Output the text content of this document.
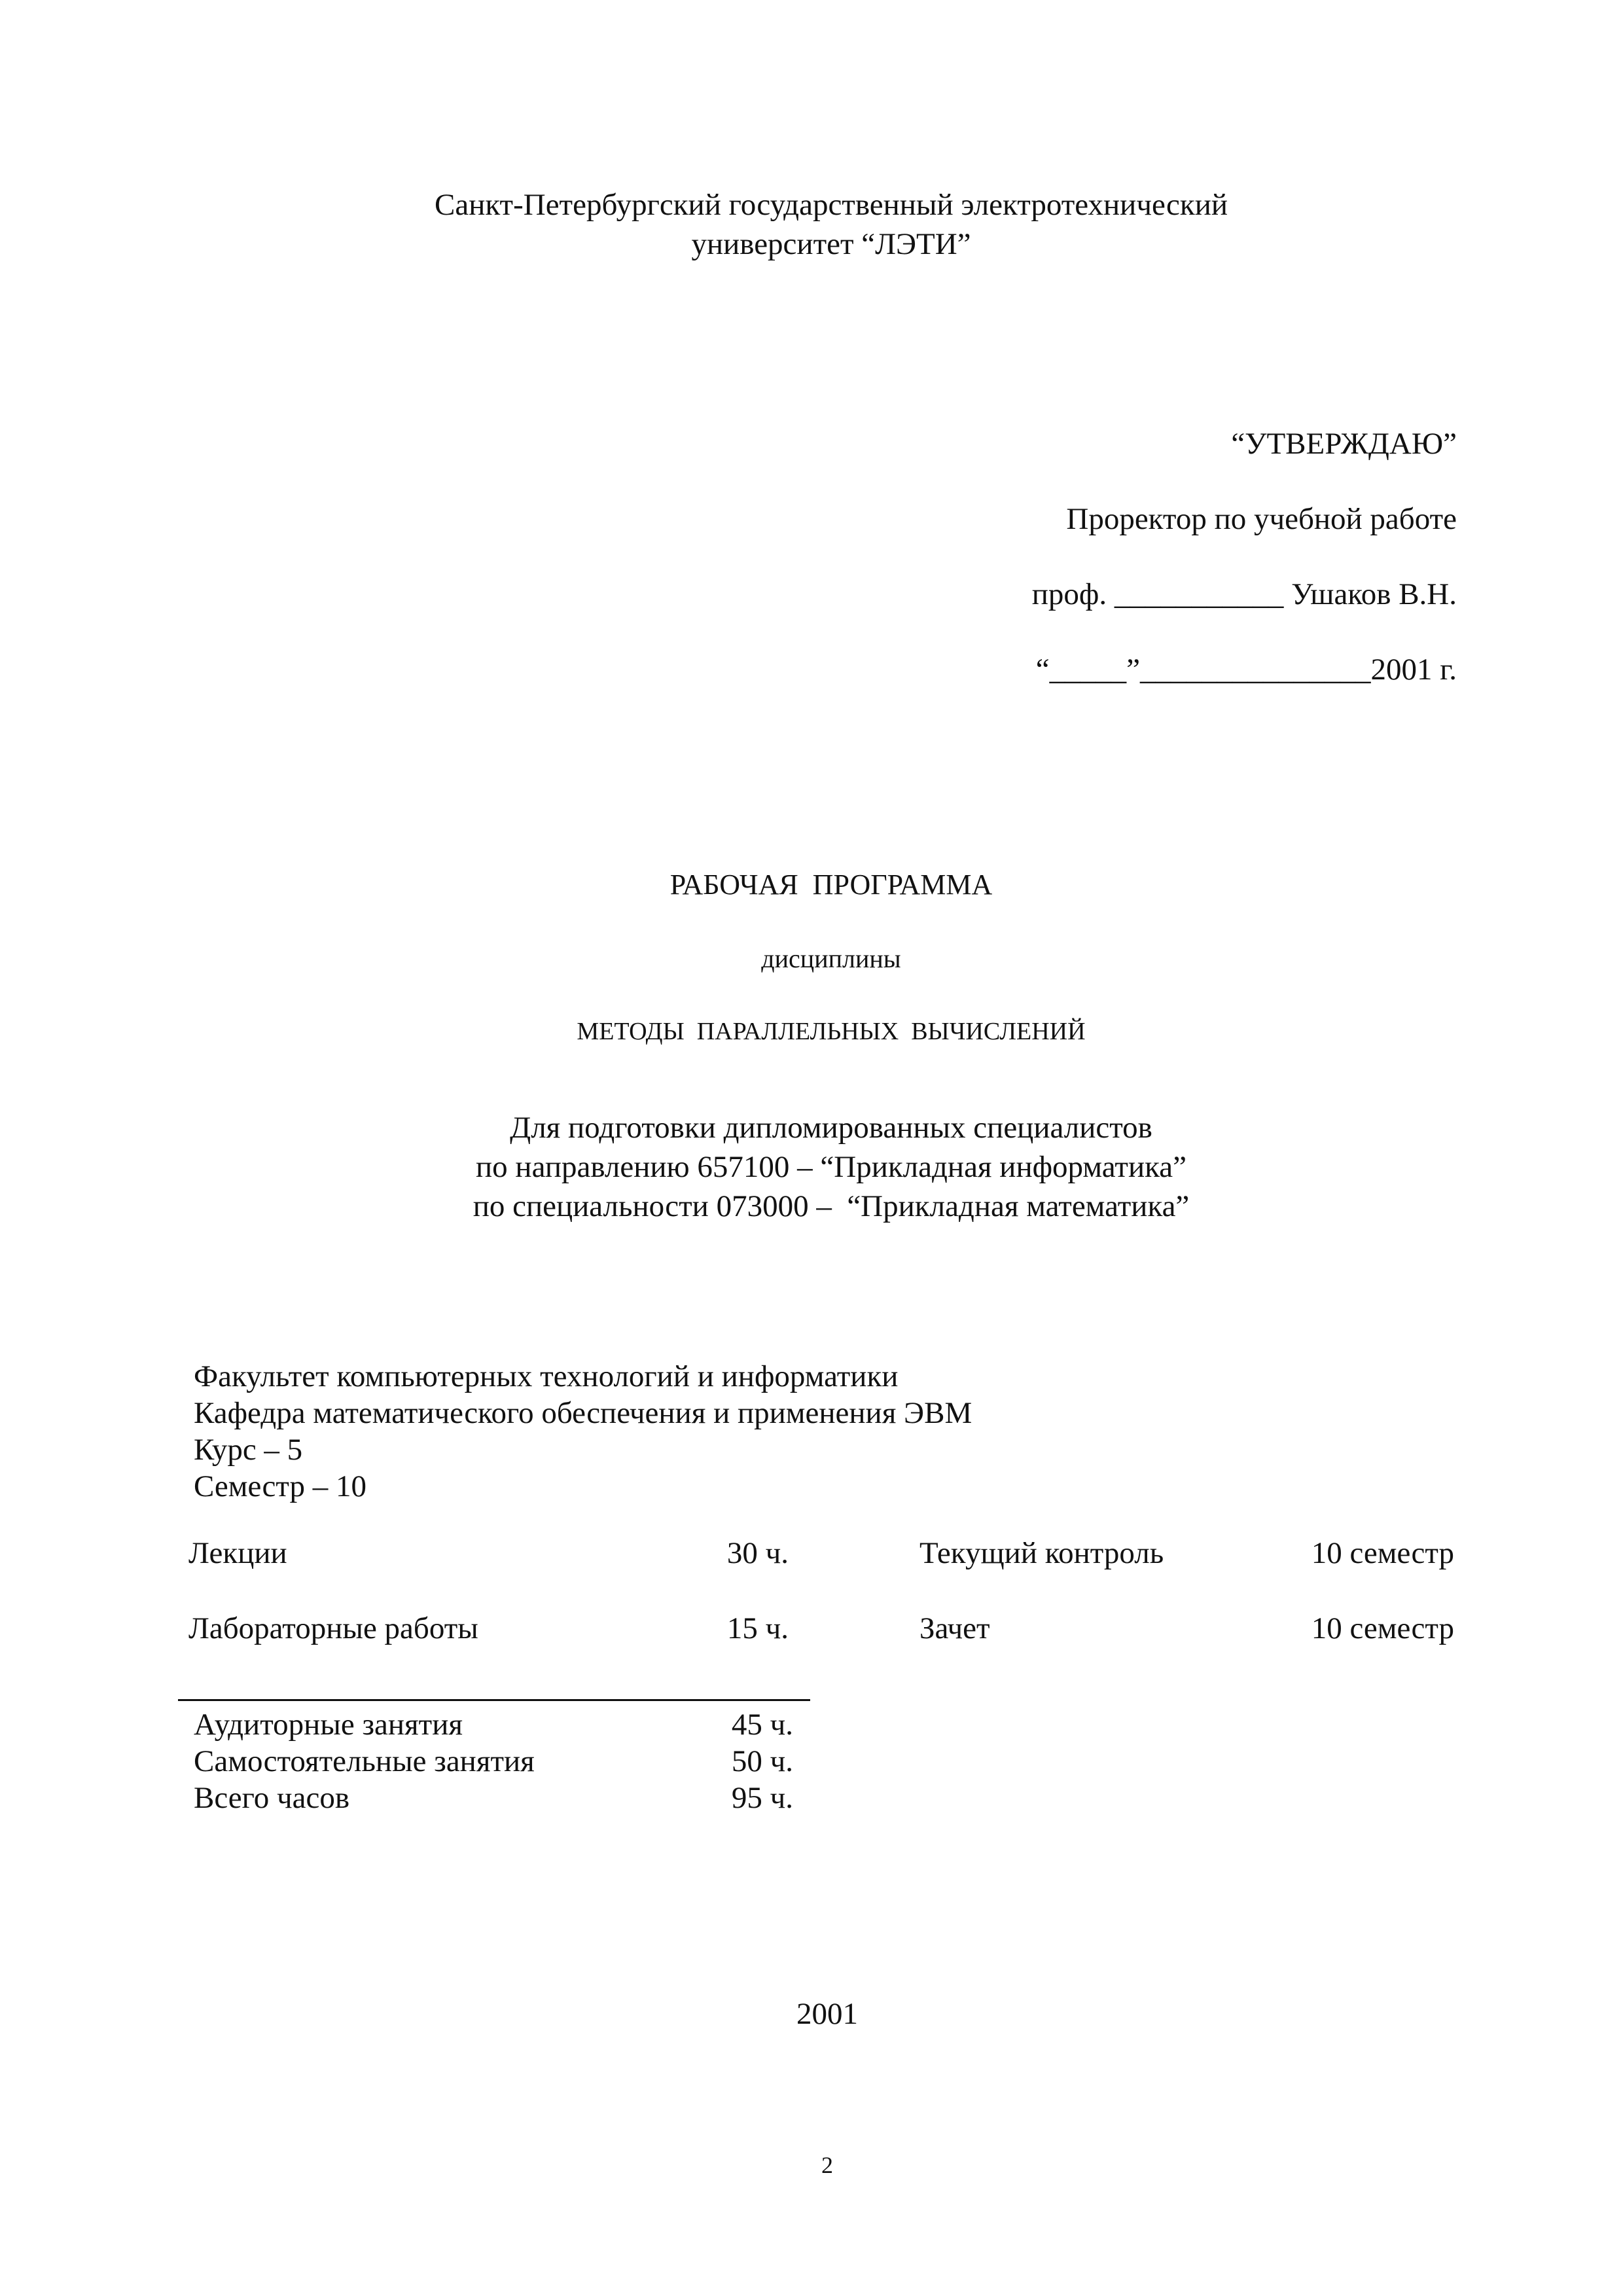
Санкт-Петербургский государственный электротехнический
университет “ЛЭТИ”
“УТВЕРЖДАЮ”
Проректор по учебной работе
проф. ___________ Ушаков В.Н.
“_____”_______________2001 г.
РАБОЧАЯ  ПРОГРАММА
дисциплины
МЕТОДЫ  ПАРАЛЛЕЛЬНЫХ  ВЫЧИСЛЕНИЙ
Для подготовки дипломированных специалистов
по направлению 657100 – “Прикладная информатика”
по специальности 073000 –  “Прикладная математика”
Факультет компьютерных технологий и информатики
Кафедра математического обеспечения и применения ЭВМ
Курс – 5
Семестр – 10
Лекции	30 ч.	Текущий контроль	10 семестр
Лабораторные работы	15 ч.	Зачет	10 семестр
Аудиторные занятия	45 ч.
Самостоятельные занятия	50 ч.
Всего часов	95 ч.
2001
2
